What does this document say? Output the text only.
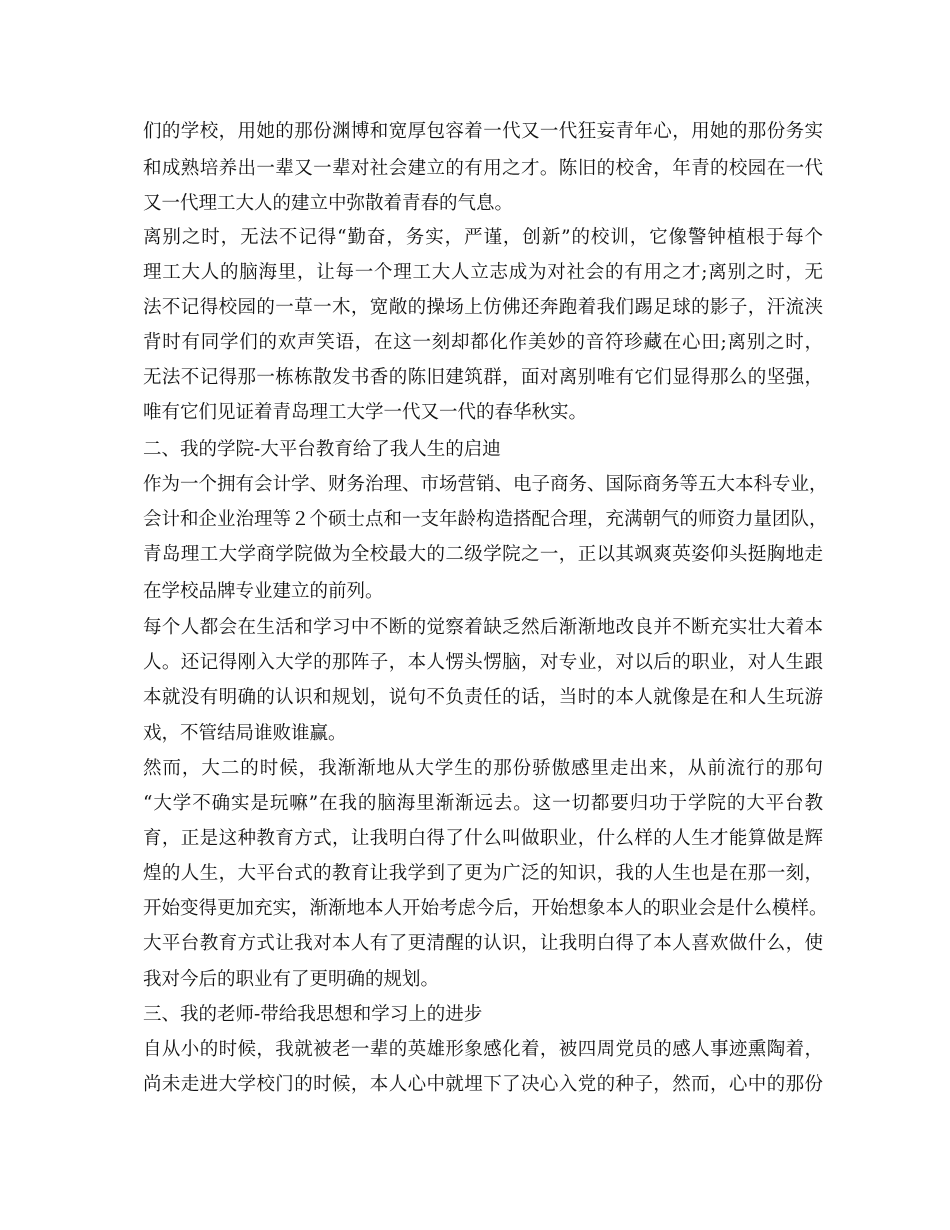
们的学校，用她的那份渊博和宽厚包容着一代又一代狂妄青年心，用她的那份务实
和成熟培养出一辈又一辈对社会建立的有用之才。陈旧的校舍，年青的校园在一代
又一代理工大人的建立中弥散着青春的气息。
离别之时，无法不记得“勤奋，务实，严谨，创新”的校训，它像警钟植根于每个
理工大人的脑海里，让每一个理工大人立志成为对社会的有用之才;离别之时，无
法不记得校园的一草一木，宽敞的操场上仿佛还奔跑着我们踢足球的影子，汗流浃
背时有同学们的欢声笑语，在这一刻却都化作美妙的音符珍藏在心田;离别之时，
无法不记得那一栋栋散发书香的陈旧建筑群，面对离别唯有它们显得那么的坚强，
唯有它们见证着青岛理工大学一代又一代的春华秋实。
二、我的学院-大平台教育给了我人生的启迪
作为一个拥有会计学、财务治理、市场营销、电子商务、国际商务等五大本科专业，
会计和企业治理等２个硕士点和一支年龄构造搭配合理，充满朝气的师资力量团队，
青岛理工大学商学院做为全校最大的二级学院之一，正以其飒爽英姿仰头挺胸地走
在学校品牌专业建立的前列。
每个人都会在生活和学习中不断的觉察着缺乏然后渐渐地改良并不断充实壮大着本
人。还记得刚入大学的那阵子，本人愣头愣脑，对专业，对以后的职业，对人生跟
本就没有明确的认识和规划，说句不负责任的话，当时的本人就像是在和人生玩游
戏，不管结局谁败谁赢。
然而，大二的时候，我渐渐地从大学生的那份骄傲感里走出来，从前流行的那句
“大学不确实是玩嘛”在我的脑海里渐渐远去。这一切都要归功于学院的大平台教
育，正是这种教育方式，让我明白得了什么叫做职业，什么样的人生才能算做是辉
煌的人生，大平台式的教育让我学到了更为广泛的知识，我的人生也是在那一刻，
开始变得更加充实，渐渐地本人开始考虑今后，开始想象本人的职业会是什么模样。
大平台教育方式让我对本人有了更清醒的认识，让我明白得了本人喜欢做什么，使
我对今后的职业有了更明确的规划。
三、我的老师-带给我思想和学习上的进步
自从小的时候，我就被老一辈的英雄形象感化着，被四周党员的感人事迹熏陶着，
尚未走进大学校门的时候，本人心中就埋下了决心入党的种子，然而，心中的那份
